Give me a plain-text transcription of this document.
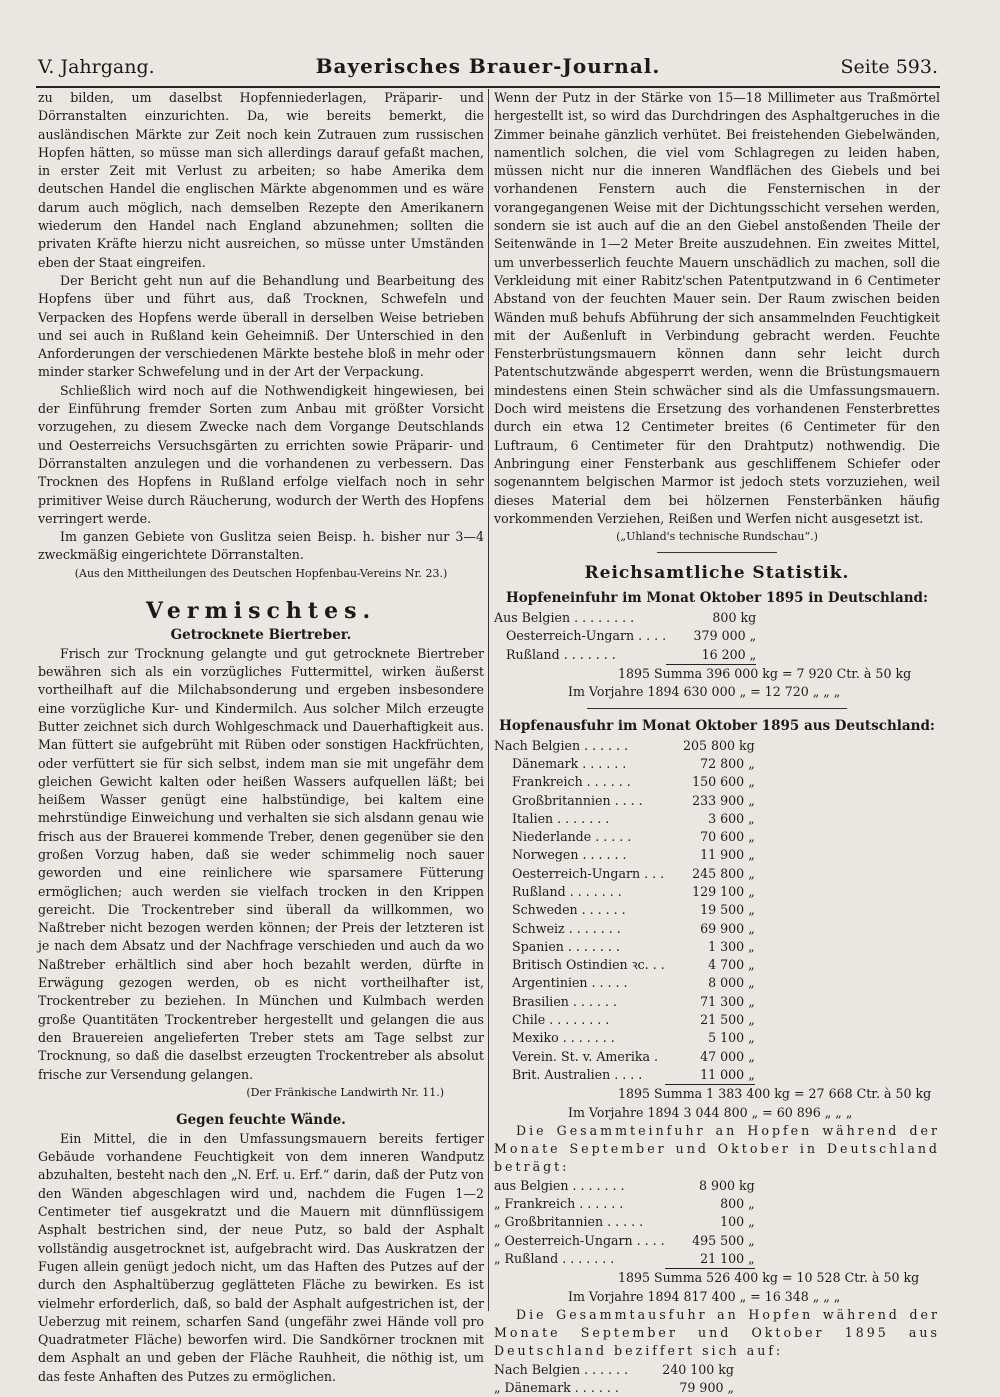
V. Jahrgang.	Bayerisches Brauer-Journal.	Seite 593.

zu bilden, um daselbst Hopfenniederlagen, Präparir- und Dörranstalten einzurichten. Da, wie bereits bemerkt, die ausländischen Märkte zur Zeit noch kein Zutrauen zum russischen Hopfen hätten, so müsse man sich allerdings darauf gefaßt machen, in erster Zeit mit Verlust zu arbeiten; so habe Amerika dem deutschen Handel die englischen Märkte abgenommen und es wäre darum auch möglich, nach demselben Rezepte den Amerikanern wiederum den Handel nach England abzunehmen; sollten die privaten Kräfte hierzu nicht ausreichen, so müsse unter Umständen eben der Staat eingreifen.

Der Bericht geht nun auf die Behandlung und Bearbeitung des Hopfens über und führt aus, daß Trocknen, Schwefeln und Verpacken des Hopfens werde überall in derselben Weise betrieben und sei auch in Rußland kein Geheimniß. Der Unterschied in den Anforderungen der verschiedenen Märkte bestehe bloß in mehr oder minder starker Schwefelung und in der Art der Verpackung.

Schließlich wird noch auf die Nothwendigkeit hingewiesen, bei der Einführung fremder Sorten zum Anbau mit größter Vorsicht vorzugehen, zu diesem Zwecke nach dem Vorgange Deutschlands und Oesterreichs Versuchsgärten zu errichten sowie Präparir- und Dörranstalten anzulegen und die vorhandenen zu verbessern. Das Trocknen des Hopfens in Rußland erfolge vielfach noch in sehr primitiver Weise durch Räucherung, wodurch der Werth des Hopfens verringert werde.

Im ganzen Gebiete von Guslitza seien Beisp. h. bisher nur 3—4 zweckmäßig eingerichtete Dörranstalten.

(Aus den Mittheilungen des Deutschen Hopfenbau-Vereins Nr. 23.)
Vermischtes.
Getrocknete Biertreber.

Frisch zur Trocknung gelangte und gut getrocknete Biertreber bewähren sich als ein vorzügliches Futtermittel, wirken äußerst vortheilhaft auf die Milchabsonderung und ergeben insbesondere eine vorzügliche Kur- und Kindermilch. Aus solcher Milch erzeugte Butter zeichnet sich durch Wohlgeschmack und Dauerhaftigkeit aus. Man füttert sie aufgebrüht mit Rüben oder sonstigen Hackfrüchten, oder verfüttert sie für sich selbst, indem man sie mit ungefähr dem gleichen Gewicht kalten oder heißen Wassers aufquellen läßt; bei heißem Wasser genügt eine halbstündige, bei kaltem eine mehrstündige Einweichung und verhalten sie sich alsdann genau wie frisch aus der Brauerei kommende Treber, denen gegenüber sie den großen Vorzug haben, daß sie weder schimmelig noch sauer geworden und eine reinlichere wie sparsamere Fütterung ermöglichen; auch werden sie vielfach trocken in den Krippen gereicht. Die Trockentreber sind überall da willkommen, wo Naßtreber nicht bezogen werden können; der Preis der letzteren ist je nach dem Absatz und der Nachfrage verschieden und auch da wo Naßtreber erhältlich sind aber hoch bezahlt werden, dürfte in Erwägung gezogen werden, ob es nicht vortheilhafter ist, Trockentreber zu beziehen. In München und Kulmbach werden große Quantitäten Trockentreber hergestellt und gelangen die aus den Brauereien angelieferten Treber stets am Tage selbst zur Trocknung, so daß die daselbst erzeugten Trockentreber als absolut frische zur Versendung gelangen.

(Der Fränkische Landwirth Nr. 11.)
Gegen feuchte Wände.

Ein Mittel, die in den Umfassungsmauern bereits fertiger Gebäude vorhandene Feuchtigkeit von dem inneren Wandputz abzuhalten, besteht nach den „N. Erf. u. Erf.“ darin, daß der Putz von den Wänden abgeschlagen wird und, nachdem die Fugen 1—2 Centimeter tief ausgekratzt und die Mauern mit dünnflüssigem Asphalt bestrichen sind, der neue Putz, so bald der Asphalt vollständig ausgetrocknet ist, aufgebracht wird. Das Auskratzen der Fugen allein genügt jedoch nicht, um das Haften des Putzes auf der durch den Asphaltüberzug geglätteten Fläche zu bewirken. Es ist vielmehr erforderlich, daß, so bald der Asphalt aufgestrichen ist, der Ueberzug mit reinem, scharfen Sand (ungefähr zwei Hände voll pro Quadratmeter Fläche) beworfen wird. Die Sandkörner trocknen mit dem Asphalt an und geben der Fläche Rauhheit, die nöthig ist, um das feste Anhaften des Putzes zu ermöglichen.

Wenn der Putz in der Stärke von 15—18 Millimeter aus Traßmörtel hergestellt ist, so wird das Durchdringen des Asphaltgeruches in die Zimmer beinahe gänzlich verhütet. Bei freistehenden Giebelwänden, namentlich solchen, die viel vom Schlagregen zu leiden haben, müssen nicht nur die inneren Wandflächen des Giebels und bei vorhandenen Fenstern auch die Fensternischen in der vorangegangenen Weise mit der Dichtungsschicht versehen werden, sondern sie ist auch auf die an den Giebel anstoßenden Theile der Seitenwände in 1—2 Meter Breite auszudehnen. Ein zweites Mittel, um unverbesserlich feuchte Mauern unschädlich zu machen, soll die Verkleidung mit einer Rabitz'schen Patentputzwand in 6 Centimeter Abstand von der feuchten Mauer sein. Der Raum zwischen beiden Wänden muß behufs Abführung der sich ansammelnden Feuchtigkeit mit der Außenluft in Verbindung gebracht werden. Feuchte Fensterbrüstungsmauern können dann sehr leicht durch Patentschutzwände abgesperrt werden, wenn die Brüstungsmauern mindestens einen Stein schwächer sind als die Umfassungsmauern. Doch wird meistens die Ersetzung des vorhandenen Fensterbrettes durch ein etwa 12 Centimeter breites (6 Centimeter für den Luftraum, 6 Centimeter für den Drahtputz) nothwendig. Die Anbringung einer Fensterbank aus geschliffenem Schiefer oder sogenanntem belgischen Marmor ist jedoch stets vorzuziehen, weil dieses Material dem bei hölzernen Fensterbänken häufig vorkommenden Verziehen, Reißen und Werfen nicht ausgesetzt ist.

(„Uhland's technische Rundschau“.)
Reichsamtliche Statistik.
Hopfeneinfuhr im Monat Oktober 1895 in Deutschland:
Aus Belgien . . . . . . . .	800 kg
Oesterreich-Ungarn . . . .	379 000 „
Rußland . . . . . . .	16 200 „
1895 Summa 396 000 kg = 7 920 Ctr. à 50 kg
Im Vorjahre 1894 630 000 „ = 12 720 „ „ „
Hopfenausfuhr im Monat Oktober 1895 aus Deutschland:
Nach Belgien . . . . . .	205 800 kg
Dänemark . . . . . .	72 800 „
Frankreich . . . . . .	150 600 „
Großbritannien . . . .	233 900 „
Italien . . . . . . .	3 600 „
Niederlande . . . . .	70 600 „
Norwegen . . . . . .	11 900 „
Oesterreich-Ungarn . . .	245 800 „
Rußland . . . . . . .	129 100 „
Schweden . . . . . .	19 500 „
Schweiz . . . . . . .	69 900 „
Spanien . . . . . . .	1 300 „
Britisch Ostindien ꝛc. . .	4 700 „
Argentinien . . . . .	8 000 „
Brasilien . . . . . .	71 300 „
Chile . . . . . . . .	21 500 „
Mexiko . . . . . . .	5 100 „
Verein. St. v. Amerika .	47 000 „
Brit. Australien . . . .	11 000 „
1895 Summa 1 383 400 kg = 27 668 Ctr. à 50 kg
Im Vorjahre 1894 3 044 800 „ = 60 896 „ „ „

Die Gesammteinfuhr an Hopfen während der Monate September und Oktober in Deutschland beträgt:

aus Belgien . . . . . . .	8 900 kg
„ Frankreich . . . . . .	800 „
„ Großbritannien . . . . .	100 „
„ Oesterreich-Ungarn . . . .	495 500 „
„ Rußland . . . . . . .	21 100 „
1895 Summa 526 400 kg = 10 528 Ctr. à 50 kg
Im Vorjahre 1894 817 400 „ = 16 348 „ „ „

Die Gesammtausfuhr an Hopfen während der Monate September und Oktober 1895 aus Deutschland beziffert sich auf:

Nach Belgien . . . . . .	240 100 kg
„ Dänemark . . . . . .	79 900 „
